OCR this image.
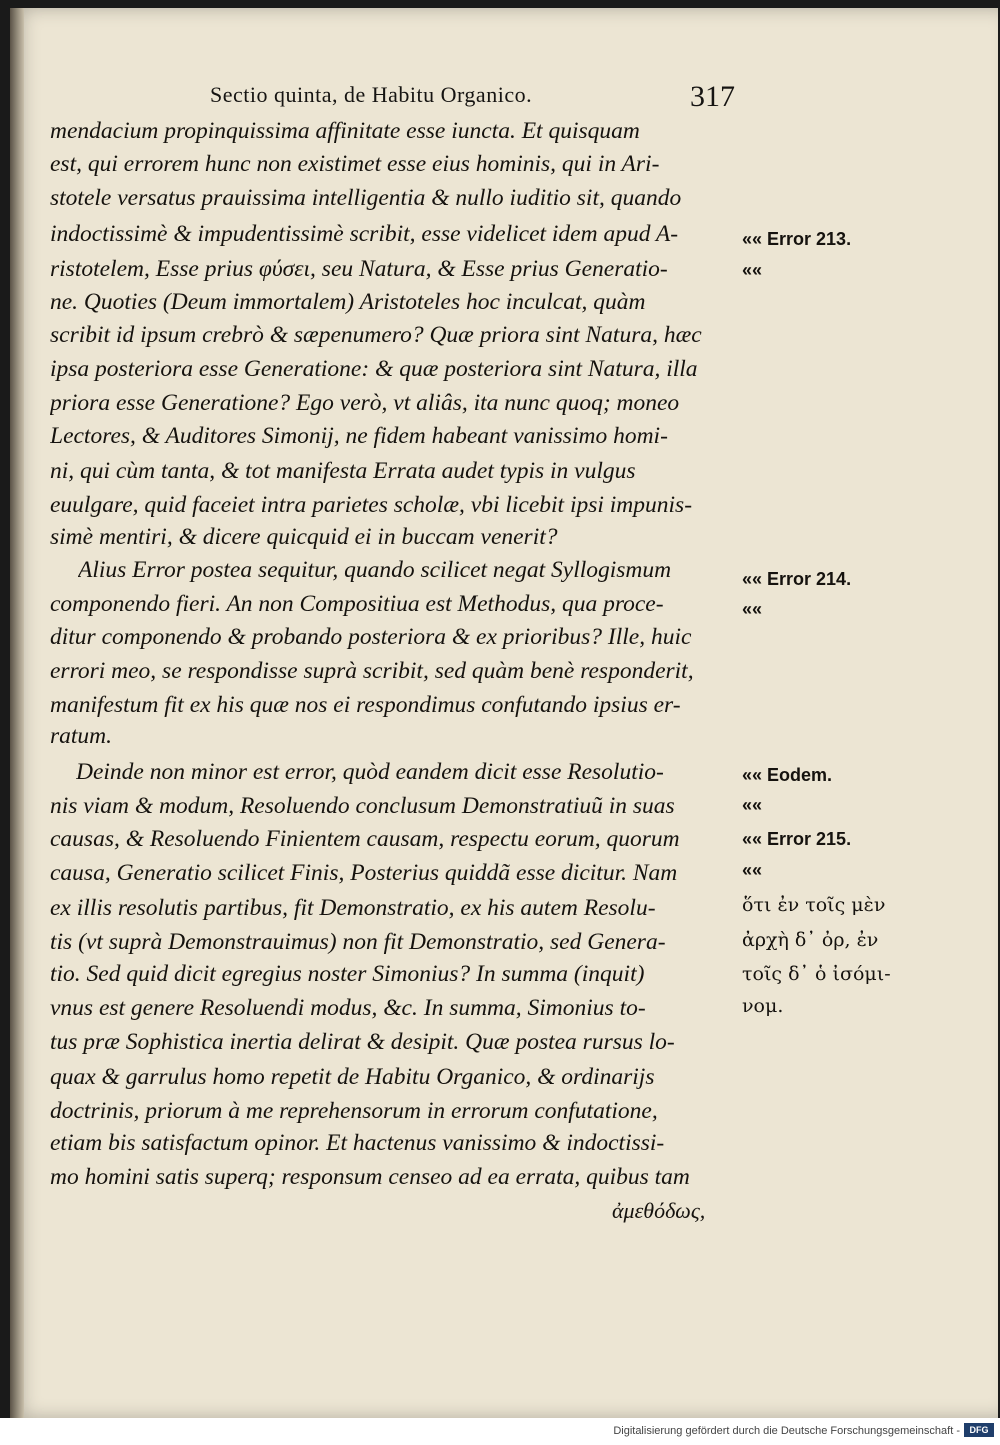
Sectio quinta, de Habitu Organico.	317
mendacium propinquissima affinitate esse iuncta. Et quisquam
est, qui errorem hunc non existimet esse eius hominis, qui in Ari-
stotele versatus prauissima intelligentia & nullo iuditio sit, quando
indoctissimè & impudentissimè scribit, esse videlicet idem apud A-
ristotelem, Esse prius φύσει, seu Natura, & Esse prius Generatio-
ne. Quoties (Deum immortalem) Aristoteles hoc inculcat, quàm
scribit id ipsum crebrò & sæpenumero? Quæ priora sint Natura, hæc
ipsa posteriora esse Generatione: & quæ posteriora sint Natura, illa
priora esse Generatione? Ego verò, vt aliâs, ita nunc quoq; moneo
Lectores, & Auditores Simonij, ne fidem habeant vanissimo homi-
ni, qui cùm tanta, & tot manifesta Errata audet typis in vulgus
euulgare, quid faceiet intra parietes scholæ, vbi licebit ipsi impunis-
simè mentiri, & dicere quicquid ei in buccam venerit?
Alius Error postea sequitur, quando scilicet negat Syllogismum
componendo fieri. An non Compositiua est Methodus, qua proce-
ditur componendo & probando posteriora & ex prioribus? Ille, huic
errori meo, se respondisse suprà scribit, sed quàm benè responderit,
manifestum fit ex his quæ nos ei respondimus confutando ipsius er-
ratum.
Deinde non minor est error, quòd eandem dicit esse Resolutio-
nis viam & modum, Resoluendo conclusum Demonstratiuũ in suas
causas, & Resoluendo Finientem causam, respectu eorum, quorum
causa, Generatio scilicet Finis, Posterius quiddã esse dicitur. Nam
ex illis resolutis partibus, fit Demonstratio, ex his autem Resolu-
tis (vt suprà Demonstrauimus) non fit Demonstratio, sed Genera-
tio. Sed quid dicit egregius noster Simonius? In summa (inquit)
vnus est genere Resoluendi modus, &c. In summa, Simonius to-
tus præ Sophistica inertia delirat & desipit. Quæ postea rursus lo-
quax & garrulus homo repetit de Habitu Organico, & ordinarijs
doctrinis, priorum à me reprehensorum in errorum confutatione,
etiam bis satisfactum opinor. Et hactenus vanissimo & indoctissi-
mo homini satis superq; responsum censeo ad ea errata, quibus tam
ἀμεθόδως,
«« Error 213.
««
«« Error 214.
««
«« Eodem.
««
«« Error 215.
««
ὅτι ἐν τοῖς μὲν
ἀρχὴ δ᾽ ὀρ, ἐν
τοῖς δ᾽ ὁ ἰσόμι-
νομ.
Digitalisierung gefördert durch die Deutsche Forschungsgemeinschaft -	DFG
